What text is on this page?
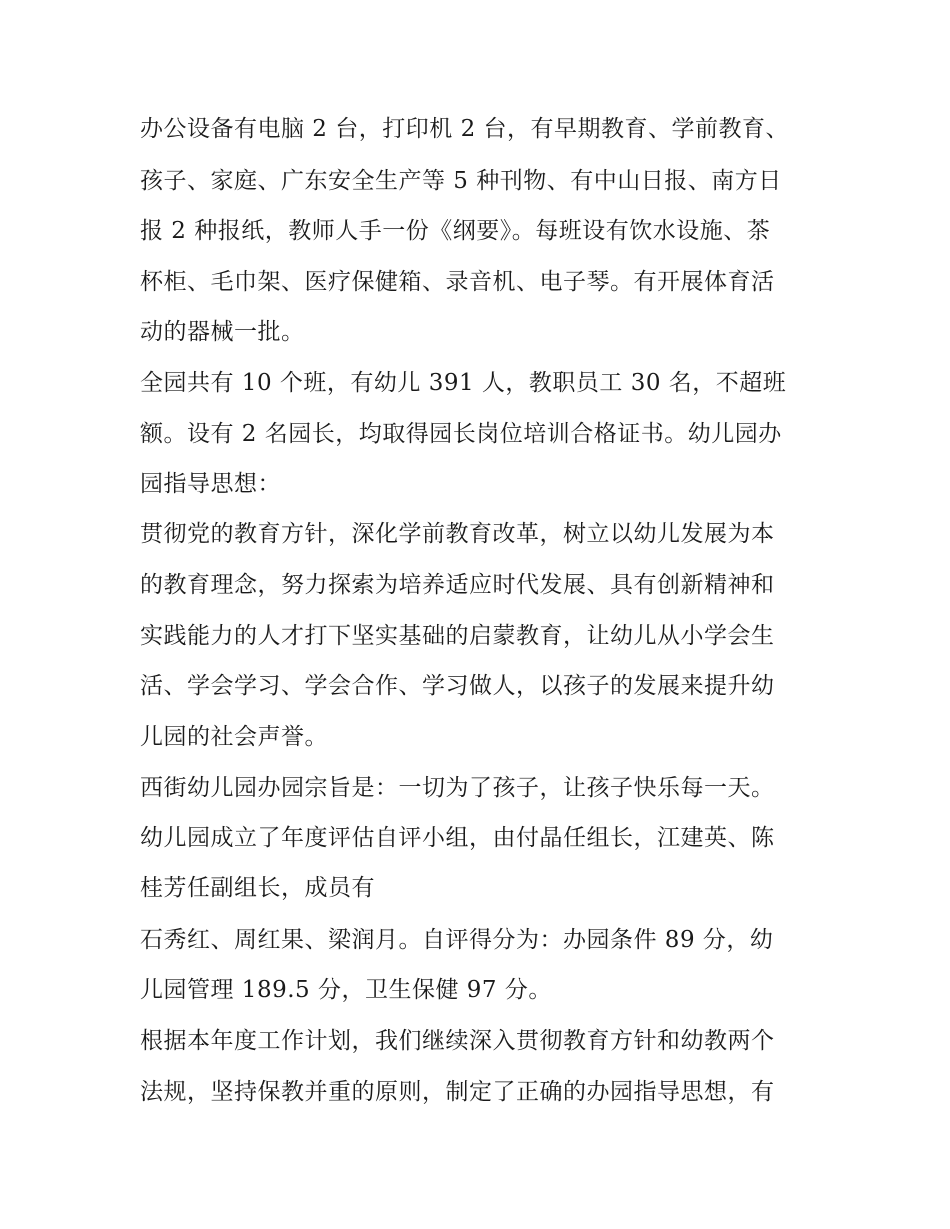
办公设备有电脑 2 台，打印机 2 台，有早期教育、学前教育、
孩子、家庭、广东安全生产等 5 种刊物、有中山日报、南方日
报 2 种报纸，教师人手一份《纲要》。每班设有饮水设施、茶
杯柜、毛巾架、医疗保健箱、录音机、电子琴。有开展体育活
动的器械一批。
全园共有 10 个班，有幼儿 391 人，教职员工 30 名，不超班
额。设有 2 名园长，均取得园长岗位培训合格证书。幼儿园办
园指导思想：
贯彻党的教育方针，深化学前教育改革，树立以幼儿发展为本
的教育理念，努力探索为培养适应时代发展、具有创新精神和
实践能力的人才打下坚实基础的启蒙教育，让幼儿从小学会生
活、学会学习、学会合作、学习做人，以孩子的发展来提升幼
儿园的社会声誉。
西街幼儿园办园宗旨是：一切为了孩子，让孩子快乐每一天。
幼儿园成立了年度评估自评小组，由付晶任组长，江建英、陈
桂芳任副组长，成员有
石秀红、周红果、梁润月。自评得分为：办园条件 89 分，幼
儿园管理 189.5 分，卫生保健 97 分。
根据本年度工作计划，我们继续深入贯彻教育方针和幼教两个
法规，坚持保教并重的原则，制定了正确的办园指导思想，有
